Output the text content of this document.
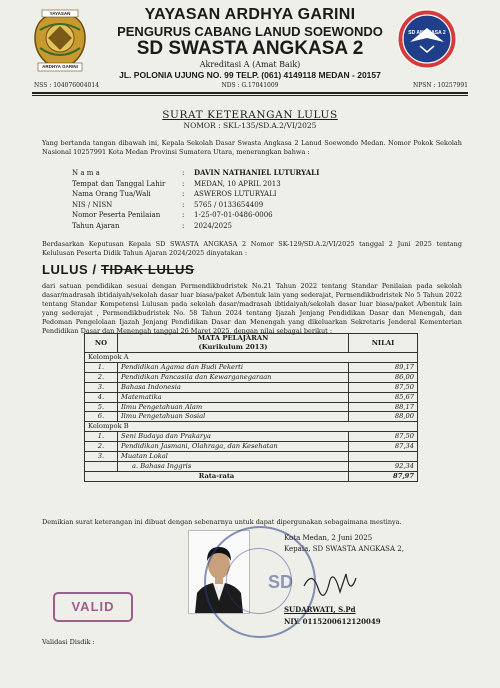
YAYASAN
ARDHYA GARINI
SD ANGKASA 2
YAYASAN ARDHYA GARINI
PENGURUS CABANG LANUD SOEWONDO
SD SWASTA ANGKASA 2
Akreditasi A (Amat Baik)
JL. POLONIA UJUNG NO. 99 TELP. (061) 4149118 MEDAN - 20157
NSS : 104076004014	NDS : G.17041009	NPSN : 10257991
SURAT KETERANGAN LULUS
NOMOR : SKL-135/SD.A.2/VI/2025
Yang bertanda tangan dibawah ini, Kepala Sekolah Dasar Swasta Angkasa 2 Lanud Soewondo Medan. Nomor Pokok Sekolah Nasional 10257991 Kota Medan Provinsi Sumatera Utara, menerangkan bahwa :
N a m a	: DAVIN NATHANIEL LUTURYALI
Tempat dan Tanggal Lahir : MEDAN, 10 APRIL 2013
Nama Orang Tua/Wali	: ASWEROS LUTURYALI
NIS / NISN	: 5765 / 0133654409
Nomor Peserta Penilaian	: 1-25-07-01-0486-0006
Tahun Ajaran	: 2024/2025
Berdasarkan Keputusan Kepala SD SWASTA ANGKASA 2 Nomor SK-129/SD.A.2/VI/2025 tanggal 2 Juni 2025 tentang Kelulusan Peserta Didik Tahun Ajaran 2024/2025 dinyatakan :
LULUS / TIDAK LULUS
dari satuan pendidikan sesuai dengan Permendikbudristek No.21 Tahun 2022 tentang Standar Penilaian pada sekolah dasar/madrasah ibtidaiyah/sekolah dasar luar biasa/paket A/bentuk lain yang sederajat, Permendikbudristek No 5 Tahun 2022 tentang Standar Kompetensi Lulusan pada sekolah dasar/madrasah ibtidaiyah/sekolah dasar luar biasa/paket A/bentuk lain yang sederajat , Permendikbudristek No. 58 Tahun 2024 tentang Ijazah Jenjang Pendidikan Dasar dan Menengah, dan Pedoman Pengelolaan Ijazah Jenjang Pendidikan Dasar dan Menengah yang dikeluarkan Sekretaris Jenderal Kementerian Pendidikan Dasar dan Menengah tanggal 26 Maret 2025, dengan nilai sebagai berikut :
NO	MATA PELAJARAN
(Kurikulum 2013)	NILAI
Kelompok A		
1.	Pendidikan Agama dan Budi Pekerti	89,17
2.	Pendidikan Pancasila dan Kewarganegaraan	86,00
3.	Bahasa Indonesia	87,50
4.	Matematika	85,67
5.	Ilmu Pengetahuan Alam	88,17
6.	Ilmu Pengetahuan Sosial	88,00
Kelompok B		
1.	Seni Budaya dan Prakarya	87,50
2.	Pendidikan Jasmani, Olahraga, dan Kesehatan	87,34
3.	Muatan Lokal	
	a. Bahasa Inggris	92,34
Rata-rata		87,97
Demikian surat keterangan ini dibuat dengan sebenarnya untuk dapat dipergunakan sebagaimana mestinya.
SD
Kota Medan, 2 Juni 2025
Kepala, SD SWASTA ANGKASA 2,
SUDARWATI, S.Pd
NIY. 0115200612120049
VALID
Validasi Disdik :
